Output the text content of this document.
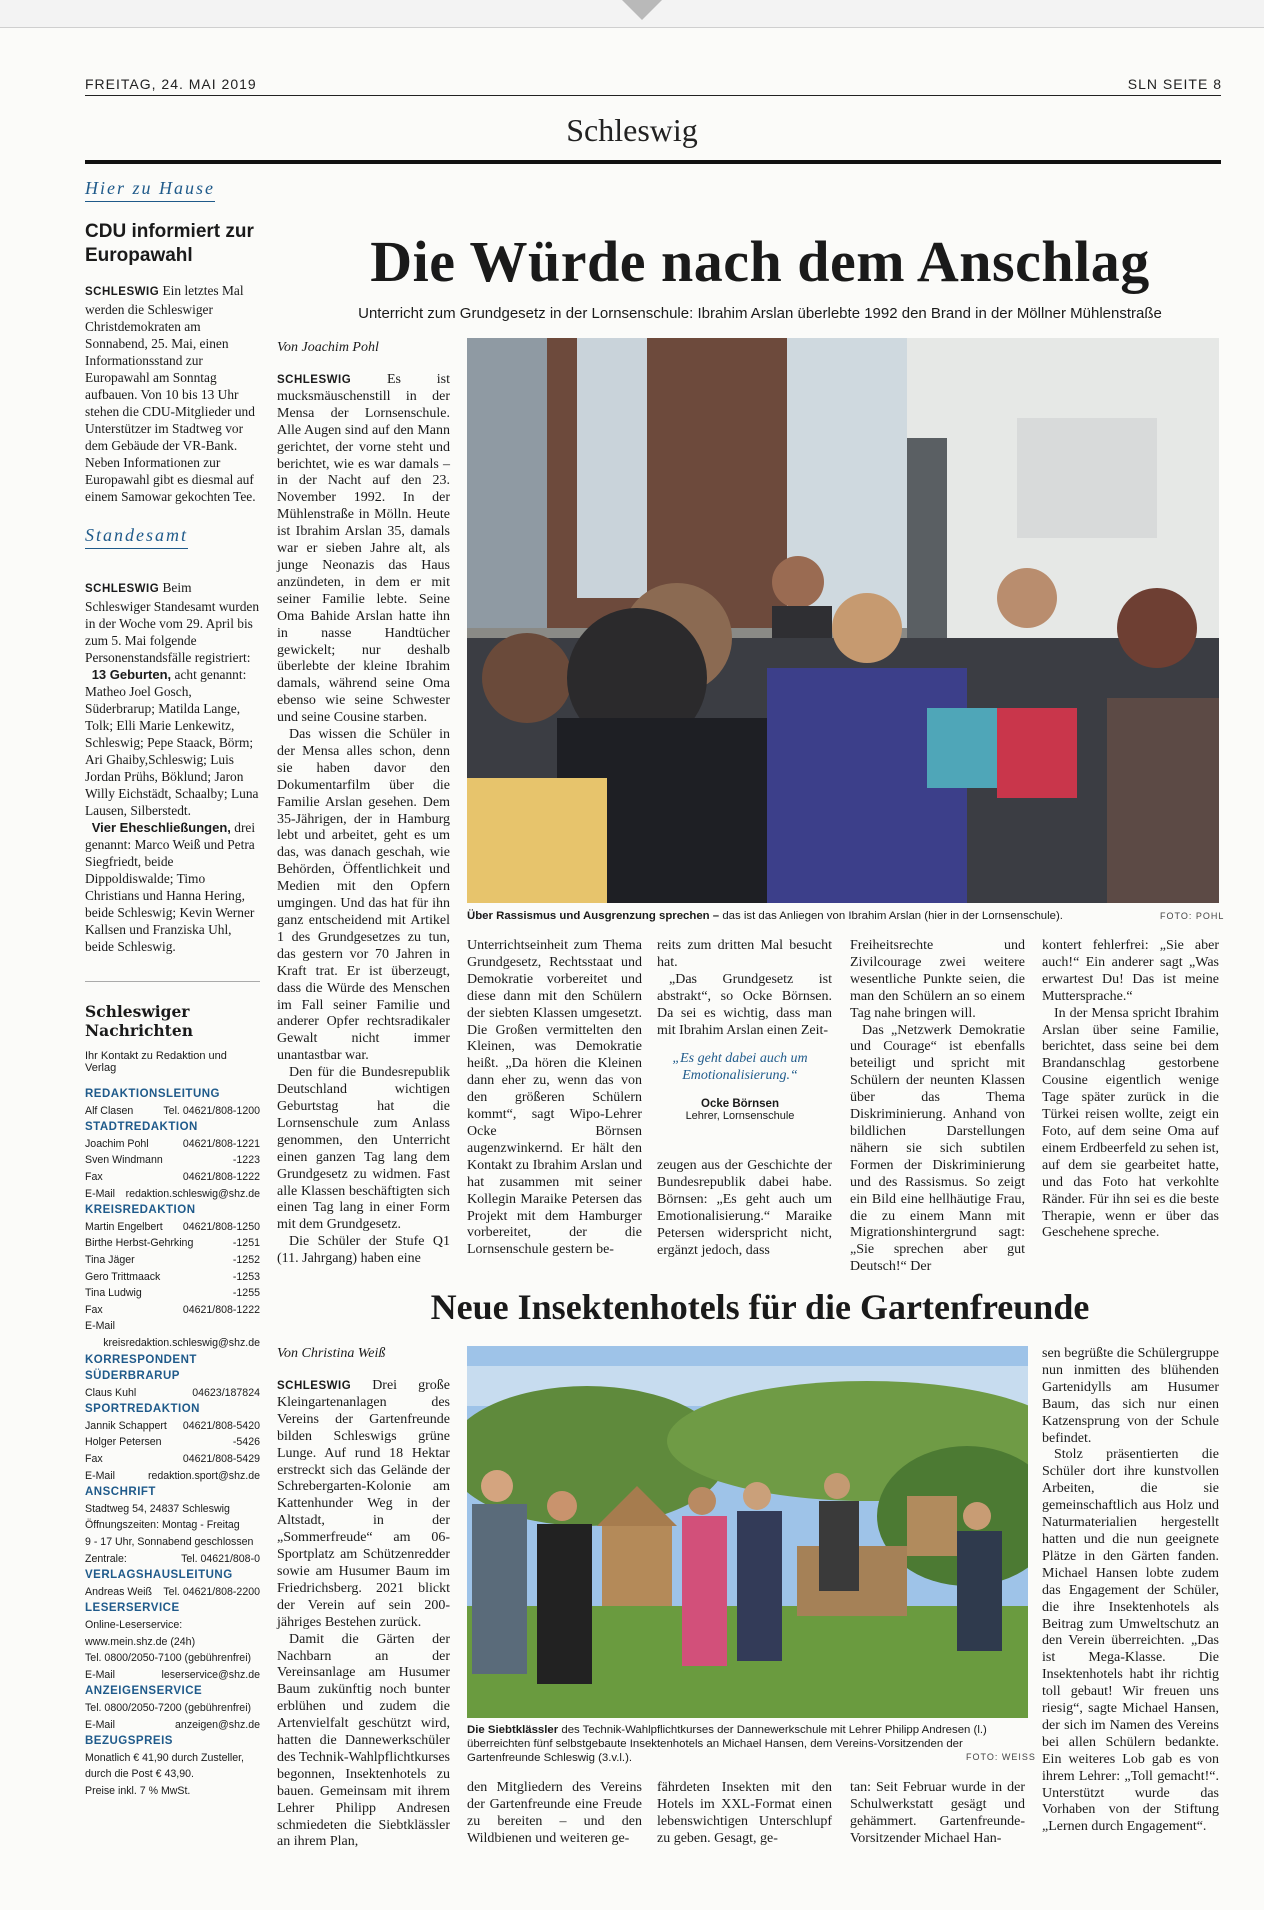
FREITAG, 24. MAI 2019	SLN SEITE 8
Schleswig
Hier zu Hause
CDU informiert zur Europawahl
SCHLESWIG Ein letztes Mal werden die Schleswiger Christdemokraten am Sonnabend, 25. Mai, einen Informationsstand zur Europawahl am Sonntag aufbauen. Von 10 bis 13 Uhr stehen die CDU-Mitglieder und Unterstützer im Stadtweg vor dem Gebäude der VR-Bank. Neben Informationen zur Europawahl gibt es diesmal auf einem Samowar gekochten Tee.
Standesamt
SCHLESWIG Beim Schleswiger Standesamt wurden in der Woche vom 29. April bis zum 5. Mai folgende Personenstandsfälle registriert:
13 Geburten, acht genannt: Matheo Joel Gosch, Süderbrarup; Matilda Lange, Tolk; Elli Marie Lenkewitz, Schleswig; Pepe Staack, Börm; Ari Ghaiby,Schleswig; Luis Jordan Prühs, Böklund; Jaron Willy Eichstädt, Schaalby; Luna Lausen, Silberstedt.
Vier Eheschließungen, drei genannt: Marco Weiß und Petra Siegfriedt, beide Dippoldiswalde; Timo Christians und Hanna Hering, beide Schleswig; Kevin Werner Kallsen und Franziska Uhl, beide Schleswig.
Schleswiger Nachrichten
Ihr Kontakt zu Redaktion und Verlag
REDAKTIONSLEITUNG
Alf Clasen	Tel. 04621/808-1200
STADTREDAKTION
Joachim Pohl	04621/808-1221
Sven Windmann	-1223
Fax	04621/808-1222
E-Mail redaktion.schleswig@shz.de
KREISREDAKTION
Martin Engelbert 04621/808-1250
Birthe Herbst-Gehrking	-1251
Tina Jäger	-1252
Gero Trittmaack	-1253
Tina Ludwig	-1255
Fax	04621/808-1222
E-Mail
kreisredaktion.schleswig@shz.de
KORRESPONDENT SÜDERBRARUP
Claus Kuhl	04623/187824
SPORTREDAKTION
Jannik Schappert 04621/808-5420
Holger Petersen	-5426
Fax	04621/808-5429
E-Mail	redaktion.sport@shz.de
ANSCHRIFT
Stadtweg 54, 24837 Schleswig
Öffnungszeiten: Montag - Freitag
9 - 17 Uhr, Sonnabend geschlossen
Zentrale:	Tel. 04621/808-0
VERLAGSHAUSLEITUNG
Andreas Weiß Tel. 04621/808-2200
LESERSERVICE
Online-Leserservice:
www.mein.shz.de (24h)
Tel. 0800/2050-7100 (gebührenfrei)
E-Mail	leserservice@shz.de
ANZEIGENSERVICE
Tel. 0800/2050-7200 (gebührenfrei)
E-Mail	anzeigen@shz.de
BEZUGSPREIS
Monatlich € 41,90 durch Zusteller,
durch die Post € 43,90.
Preise inkl. 7 % MwSt.
Die Würde nach dem Anschlag
Unterricht zum Grundgesetz in der Lornsenschule: Ibrahim Arslan überlebte 1992 den Brand in der Möllner Mühlenstraße
Von Joachim Pohl

SCHLESWIG	Es ist mucksmäuschenstill in der Mensa der Lornsenschule. Alle Augen sind auf den Mann gerichtet, der vorne steht und berichtet, wie es war damals – in der Nacht auf den 23. November 1992. In der Mühlenstraße in Mölln. Heute ist Ibrahim Arslan 35, damals war er sieben Jahre alt, als junge Neonazis das Haus anzündeten, in dem er mit seiner Familie lebte. Seine Oma Bahide Arslan hatte ihn in nasse Handtücher gewickelt; nur deshalb überlebte der kleine Ibrahim damals, während seine Oma ebenso wie seine Schwester und seine Cousine starben.

Das wissen die Schüler in der Mensa alles schon, denn sie haben davor den Dokumentarfilm über die Familie Arslan gesehen. Dem 35-Jährigen, der in Hamburg lebt und arbeitet, geht es um das, was danach geschah, wie Behörden, Öffentlichkeit und Medien mit den Opfern umgingen. Und das hat für ihn ganz entscheidend mit Artikel 1 des Grundgesetzes zu tun, das gestern vor 70 Jahren in Kraft trat. Er ist überzeugt, dass die Würde des Menschen im Fall seiner Familie und anderer Opfer rechtsradikaler Gewalt nicht immer unantastbar war.

Den für die Bundesrepublik Deutschland wichtigen Geburtstag hat die Lornsenschule zum Anlass genommen, den Unterricht einen ganzen Tag lang dem Grundgesetz zu widmen. Fast alle Klassen beschäftigten sich einen Tag lang in einer Form mit dem Grundgesetz.

Die Schüler der Stufe Q1 (11. Jahrgang) haben eine

Über Rassismus und Ausgrenzung sprechen – das ist das Anliegen von Ibrahim Arslan (hier in der Lornsenschule).	FOTO: POHL

Unterrichtseinheit zum Thema Grundgesetz, Rechtsstaat und Demokratie vorbereitet und diese dann mit den Schülern der siebten Klassen umgesetzt. Die Großen vermittelten den Kleinen, was Demokratie heißt. „Da hören die Kleinen dann eher zu, wenn das von den größeren Schülern kommt“, sagt Wipo-Lehrer Ocke Börnsen augenzwinkernd. Er hält den Kontakt zu Ibrahim Arslan und hat zusammen mit seiner Kollegin Maraike Petersen das Projekt mit dem Hamburger vorbereitet, der die Lornsenschule gestern be-

reits zum dritten Mal besucht hat.

„Das Grundgesetz ist abstrakt“, so Ocke Börnsen. Da sei es wichtig, dass man mit Ibrahim Arslan einen Zeit-

„Es geht dabei auch um Emotionalisierung.“
Ocke Börnsen
Lehrer, Lornsenschule

zeugen aus der Geschichte der Bundesrepublik dabei habe. Börnsen: „Es geht auch um Emotionalisierung.“ Maraike Petersen widerspricht nicht, ergänzt jedoch, dass

Freiheitsrechte und Zivilcourage zwei weitere wesentliche Punkte seien, die man den Schülern an so einem Tag nahe bringen will.

Das „Netzwerk Demokratie und Courage“ ist ebenfalls beteiligt und spricht mit Schülern der neunten Klassen über das Thema Diskriminierung. Anhand von bildlichen Darstellungen nähern sie sich subtilen Formen der Diskriminierung und des Rassismus. So zeigt ein Bild eine hellhäutige Frau, die zu einem Mann mit Migrationshintergrund sagt: „Sie sprechen aber gut Deutsch!“ Der

kontert fehlerfrei: „Sie aber auch!“ Ein anderer sagt „Was erwartest Du! Das ist meine Muttersprache.“

In der Mensa spricht Ibrahim Arslan über seine Familie, berichtet, dass seine bei dem Brandanschlag gestorbene Cousine eigentlich wenige Tage später zurück in die Türkei reisen wollte, zeigt ein Foto, auf dem seine Oma auf einem Erdbeerfeld zu sehen ist, auf dem sie gearbeitet hatte, und das Foto hat verkohlte Ränder. Für ihn sei es die beste Therapie, wenn er über das Geschehene spreche.

Neue Insektenhotels für die Gartenfreunde
Von Christina Weiß

SCHLESWIG Drei große Kleingartenanlagen des Vereins der Gartenfreunde bilden Schleswigs grüne Lunge. Auf rund 18 Hektar erstreckt sich das Gelände der Schrebergarten-Kolonie am Kattenhunder Weg in der Altstadt, in der „Sommerfreude“ am 06-Sportplatz am Schützenredder sowie am Husumer Baum im Friedrichsberg. 2021 blickt der Verein auf sein 200-jähriges Bestehen zurück.

Damit die Gärten der Nachbarn an der Vereinsanlage am Husumer Baum zukünftig noch bunter erblühen und zudem die Artenvielfalt geschützt wird, hatten die Dannewerkschüler des Technik-Wahlpflichtkurses begonnen, Insektenhotels zu bauen. Gemeinsam mit ihrem Lehrer Philipp Andresen schmiedeten die Siebtklässler an ihrem Plan,

Die Siebtklässler des Technik-Wahlpflichtkurses der Dannewerkschule mit Lehrer Philipp Andresen (l.) überreichten fünf selbstgebaute Insektenhotels an Michael Hansen, dem Vereins-Vorsitzenden der Gartenfreunde Schleswig (3.v.l.).	FOTO: WEISS

den Mitgliedern des Vereins der Gartenfreunde eine Freude zu bereiten – und den Wildbienen und weiteren ge-

fährdeten Insekten mit den Hotels im XXL-Format einen lebenswichtigen Unterschlupf zu geben. Gesagt, ge-

tan: Seit Februar wurde in der Schulwerkstatt gesägt und gehämmert. Gartenfreunde-Vorsitzender Michael Han-

sen begrüßte die Schülergruppe nun inmitten des blühenden Gartenidylls am Husumer Baum, das sich nur einen Katzensprung von der Schule befindet.

Stolz präsentierten die Schüler dort ihre kunstvollen Arbeiten, die sie gemeinschaftlich aus Holz und Naturmaterialien hergestellt hatten und die nun geeignete Plätze in den Gärten fanden. Michael Hansen lobte zudem das Engagement der Schüler, die ihre Insektenhotels als Beitrag zum Umweltschutz an den Verein überreichten. „Das ist Mega-Klasse. Die Insektenhotels habt ihr richtig toll gebaut! Wir freuen uns riesig“, sagte Michael Hansen, der sich im Namen des Vereins bei allen Schülern bedankte. Ein weiteres Lob gab es von ihrem Lehrer: „Toll gemacht!“. Unterstützt wurde das Vorhaben von der Stiftung „Lernen durch Engagement“.
